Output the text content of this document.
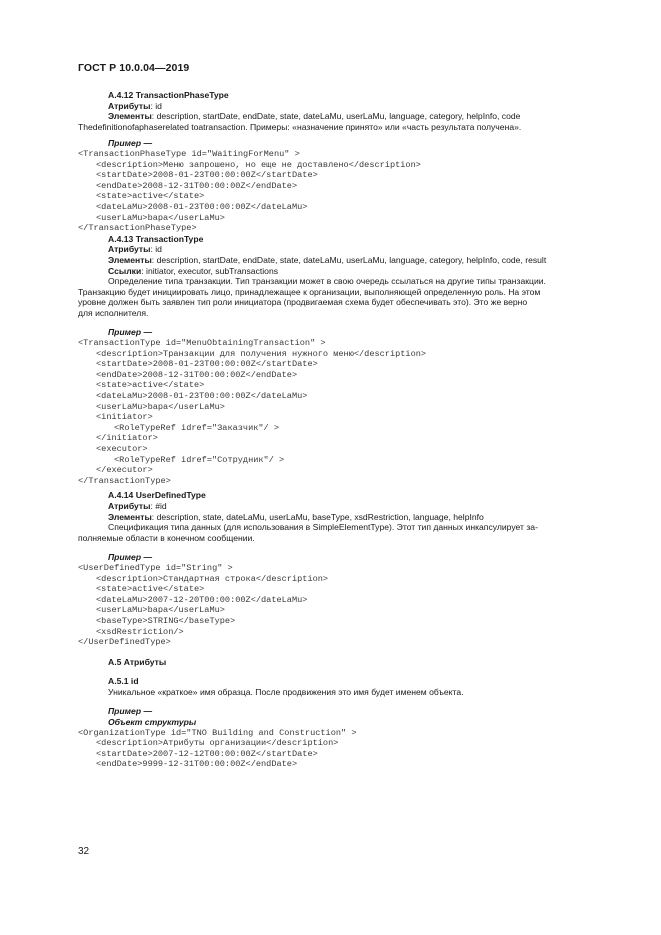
ГОСТ Р 10.0.04—2019

А.4.12 TransactionPhaseType

Атрибуты: id

Элементы: description, startDate, endDate, state, dateLaMu, userLaMu, language, category, helpInfo, code

Thedefinitionofaphaserelated toatransaction. Примеры: «назначение принято» или «часть результата получена».

Пример —

<TransactionPhaseType id="WaitingForMenu" >

<description>Меню запрошено, но еще не доставлено</description>

<startDate>2008-01-23T00:00:00Z</startDate>

<endDate>2008-12-31T00:00:00Z</endDate>

<state>active</state>

<dateLaMu>2008-01-23T00:00:00Z</dateLaMu>

<userLaMu>bapa</userLaMu>

</TransactionPhaseType>

А.4.13 TransactionType

Атрибуты: id

Элементы: description, startDate, endDate, state, dateLaMu, userLaMu, language, category, helpInfo, code, result

Ссылки: initiator, executor, subTransactions

Определение типа транзакции. Тип транзакции может в свою очередь ссылаться на другие типы транзакции.

Транзакцию будет инициировать лицо, принадлежащее к организации, выполняющей определенную роль. На этом

уровне должен быть заявлен тип роли инициатора (продвигаемая схема будет обеспечивать это). Это же верно

для исполнителя.

Пример —

<TransactionType id="MenuObtainingTransaction" >

<description>Транзакции для получения нужного меню</description>

<startDate>2008-01-23T00:00:00Z</startDate>

<endDate>2008-12-31T00:00:00Z</endDate>

<state>active</state>

<dateLaMu>2008-01-23T00:00:00Z</dateLaMu>

<userLaMu>bapa</userLaMu>

<initiator>

<RoleTypeRef idref="Заказчик"/ >

</initiator>

<executor>

<RoleTypeRef idref="Сотрудник"/ >

</executor>

</TransactionType>

А.4.14 UserDefinedType

Атрибуты: #id

Элементы: description, state, dateLaMu, userLaMu, baseType, xsdRestriction, language, helpInfo

Спецификация типа данных (для использования в SimpleElementType). Этот тип данных инкапсулирует за-

полняемые области в конечном сообщении.

Пример —

<UserDefinedType id="String" >

<description>Стандартная строка</description>

<state>active</state>

<dateLaMu>2007-12-20T00:00:00Z</dateLaMu>

<userLaMu>bapa</userLaMu>

<baseType>STRING</baseType>

<xsdRestriction/>

</UserDefinedType>

А.5 Атрибуты

А.5.1 id

Уникальное «краткое» имя образца. После продвижения это имя будет именем объекта.

Пример —

Объект структуры

<OrganizationType id="TNO Building and Construction" >

<description>Атрибуты организации</description>

<startDate>2007-12-12T00:00:00Z</startDate>

<endDate>9999-12-31T00:00:00Z</endDate>

32
